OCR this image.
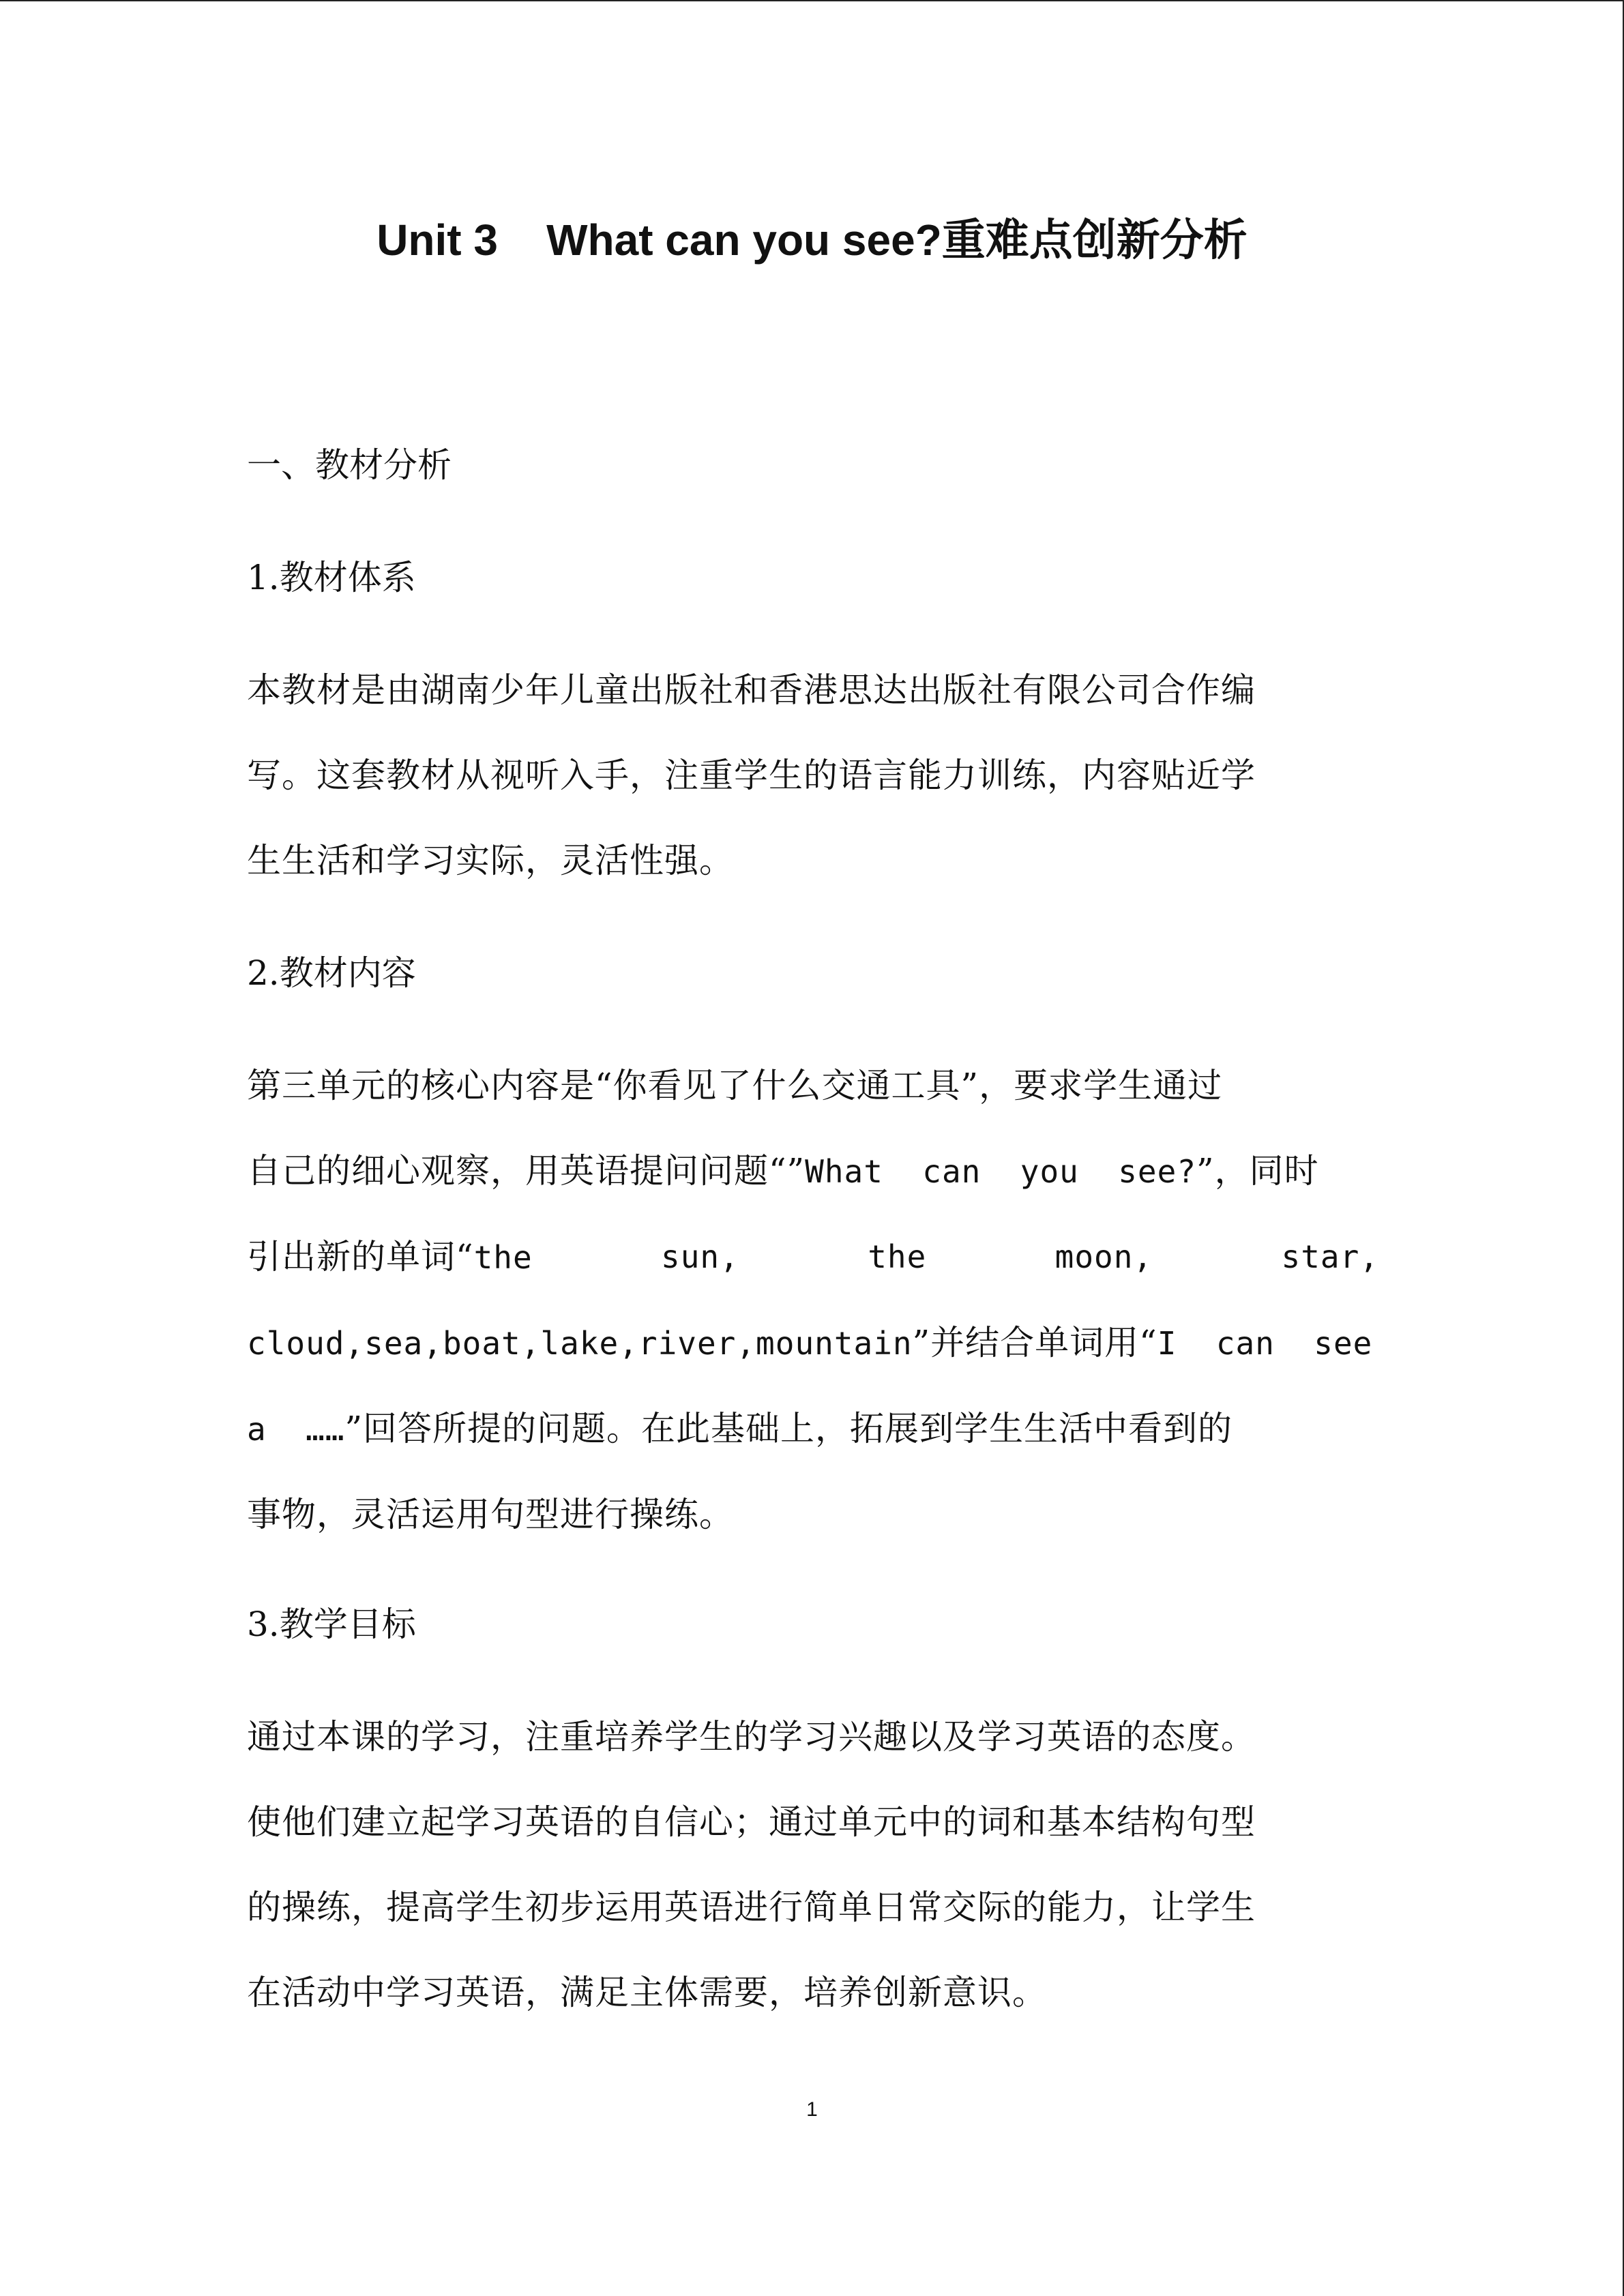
Unit 3    What can you see?重难点创新分析
一、教材分析
1.教材体系
本教材是由湖南少年儿童出版社和香港思达出版社有限公司合作编
写。这套教材从视听入手，注重学生的语言能力训练，内容贴近学
生生活和学习实际，灵活性强。
2.教材内容
第三单元的核心内容是“你看见了什么交通工具”，要求学生通过
自己的细心观察，用英语提问问题“”What  can  you  see?”，同时
引出新的单词“the	sun,	the	moon,	star,
cloud,sea,boat,lake,river,mountain”并结合单词用“I  can  see
a  ……”回答所提的问题。在此基础上，拓展到学生生活中看到的
事物，灵活运用句型进行操练。
3.教学目标
通过本课的学习，注重培养学生的学习兴趣以及学习英语的态度。
使他们建立起学习英语的自信心；通过单元中的词和基本结构句型
的操练，提高学生初步运用英语进行简单日常交际的能力，让学生
在活动中学习英语，满足主体需要，培养创新意识。
1
